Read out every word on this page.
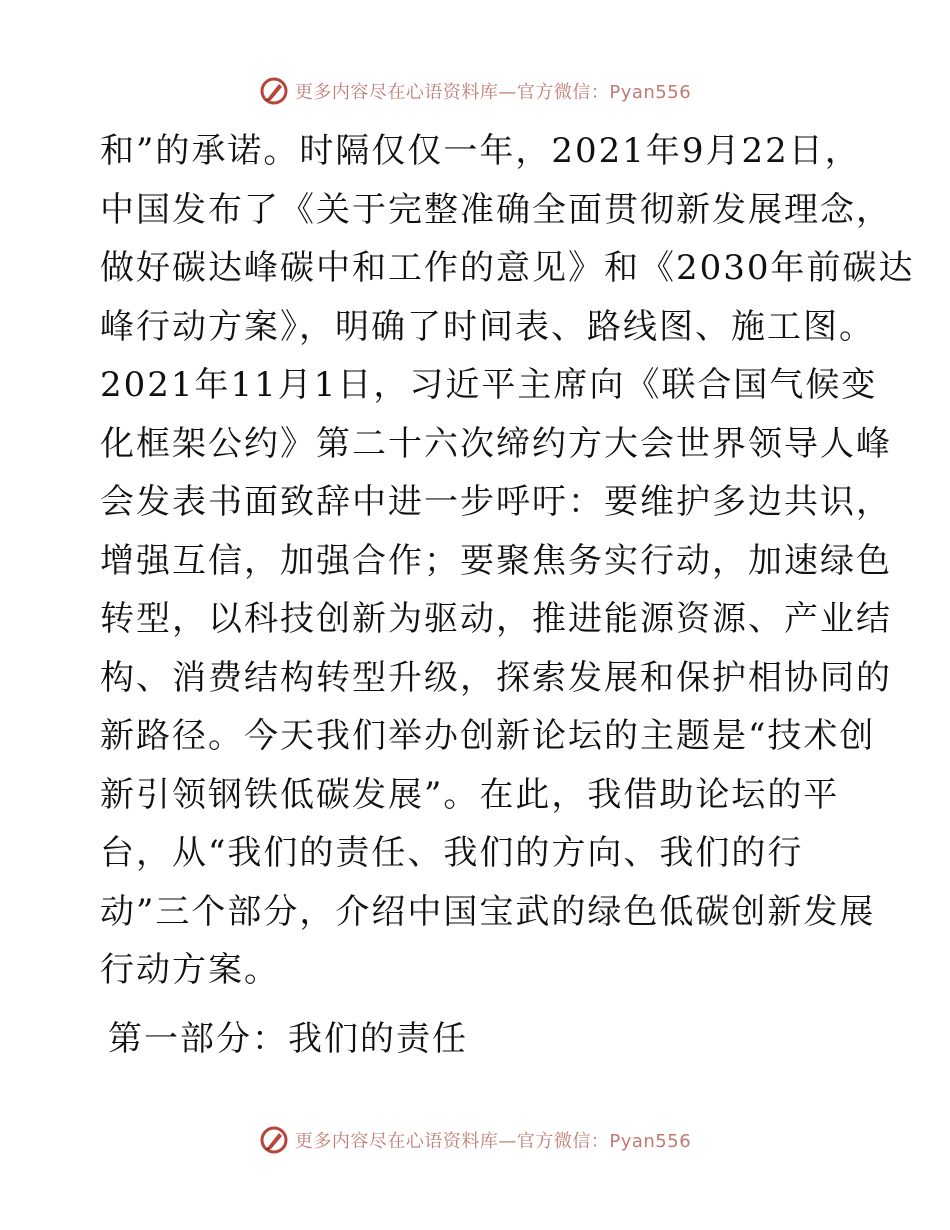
更多内容尽在心语资料库—官方微信：Pyan556
和”的承诺。时隔仅仅一年，2021年9月22日，
中国发布了《关于完整准确全面贯彻新发展理念，
做好碳达峰碳中和工作的意见》和《2030年前碳达
峰行动方案》，明确了时间表、路线图、施工图。
2021年11月1日，习近平主席向《联合国气候变
化框架公约》第二十六次缔约方大会世界领导人峰
会发表书面致辞中进一步呼吁：要维护多边共识，
增强互信，加强合作；要聚焦务实行动，加速绿色
转型，以科技创新为驱动，推进能源资源、产业结
构、消费结构转型升级，探索发展和保护相协同的
新路径。今天我们举办创新论坛的主题是“技术创
新引领钢铁低碳发展”。在此，我借助论坛的平
台，从“我们的责任、我们的方向、我们的行
动”三个部分，介绍中国宝武的绿色低碳创新发展
行动方案。
第一部分：我们的责任
更多内容尽在心语资料库—官方微信：Pyan556
